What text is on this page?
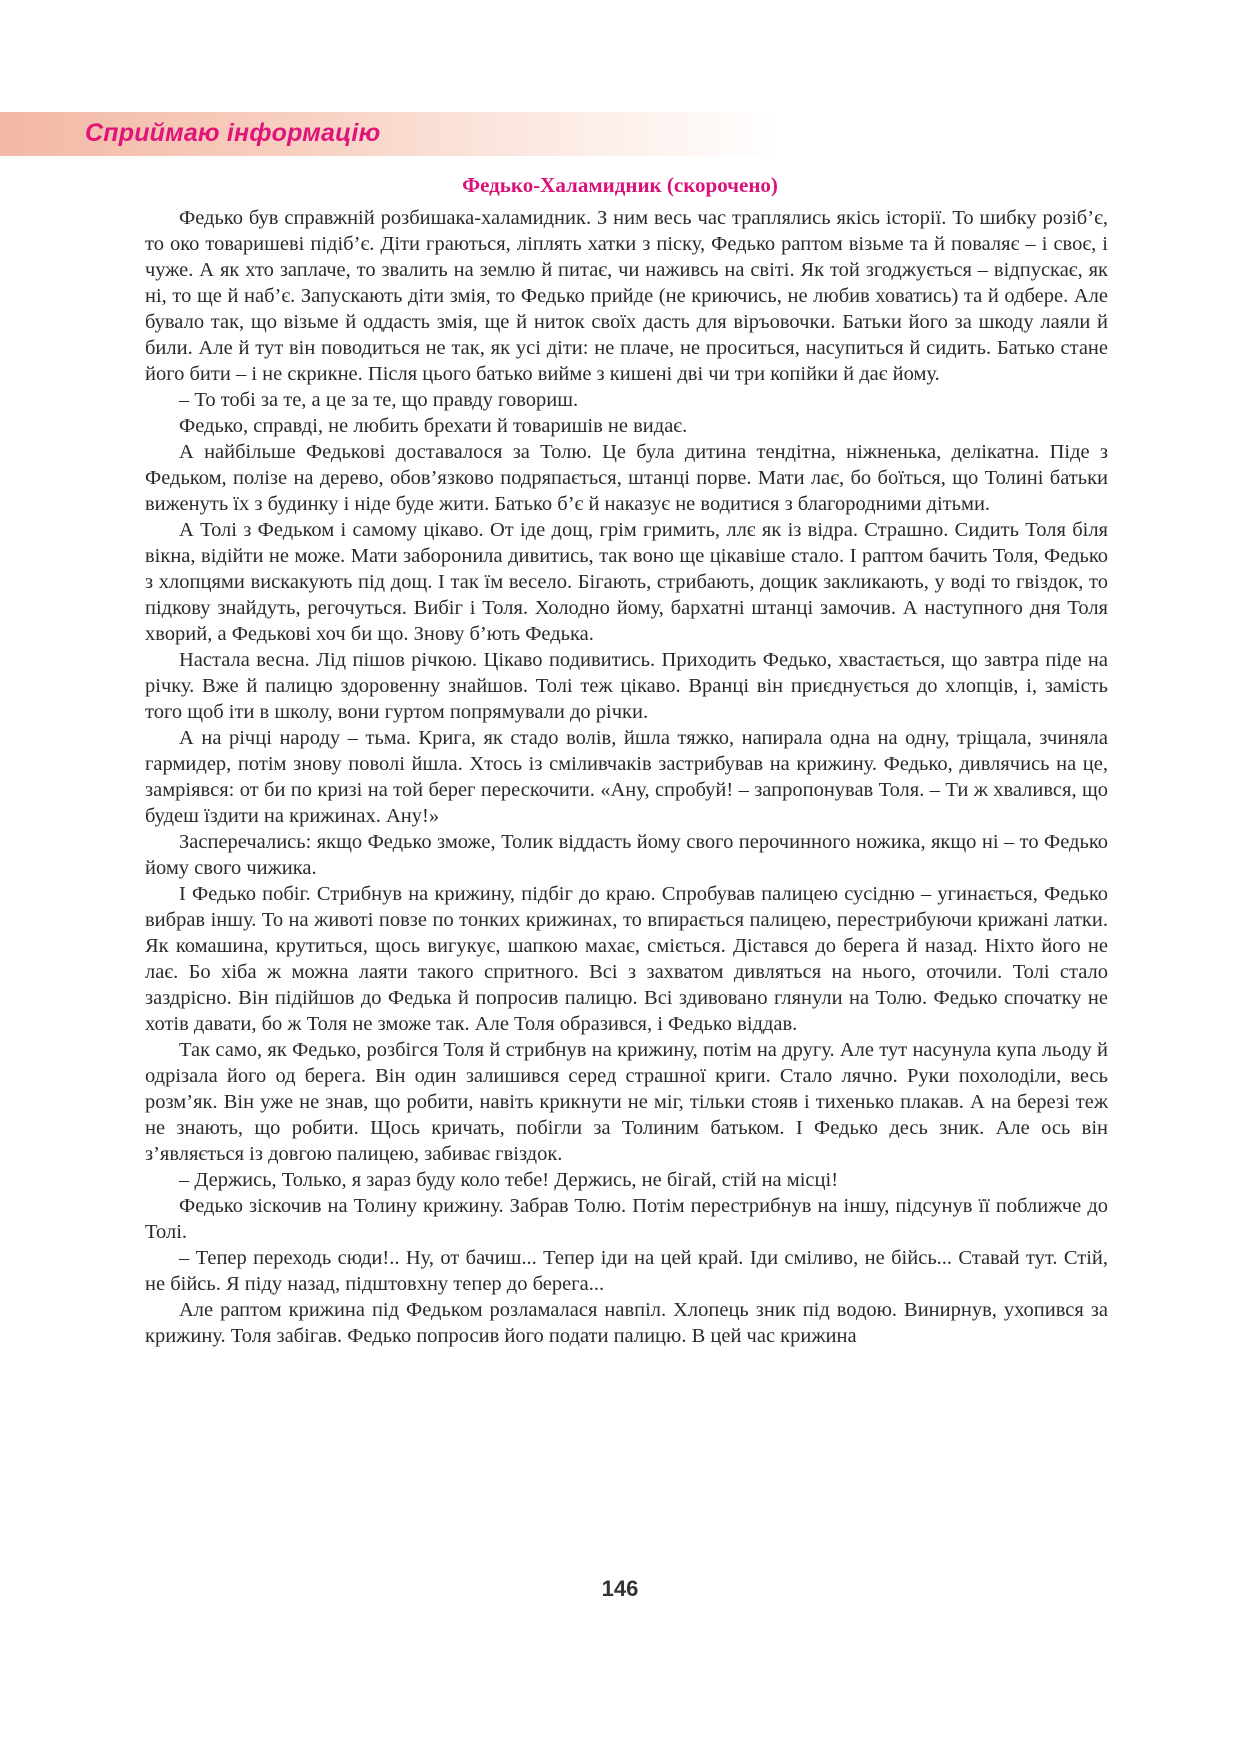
Сприймаю інформацію
Федько-Халамидник (скорочено)

Федько був справжній розбишака-халамидник. З ним весь час траплялись якісь історії. То шибку розіб’є, то око товаришеві підіб’є. Діти граються, ліплять хатки з піску, Федько раптом візьме та й поваляє – і своє, і чуже. А як хто заплаче, то звалить на землю й питає, чи наживсь на світі. Як той згоджується – відпускає, як ні, то ще й наб’є. Запускають діти змія, то Федько прийде (не криючись, не любив ховатись) та й одбере. Але бувало так, що візьме й оддасть змія, ще й ниток своїх дасть для віръовочки. Батьки його за шкоду лаяли й били. Але й тут він поводиться не так, як усі діти: не плаче, не проситься, насупиться й сидить. Батько стане його бити – і не скрикне. Після цього батько вийме з кишені дві чи три копійки й дає йому.

– То тобі за те, а це за те, що правду говориш.

Федько, справді, не любить брехати й товаришів не видає.

А найбільше Федькові доставалося за Толю. Це була дитина тендітна, ніжненька, делікатна. Піде з Федьком, полізе на дерево, обов’язково подряпається, штанці порве. Мати лає, бо боїться, що Толині батьки виженуть їх з будинку і ніде буде жити. Батько б’є й наказує не водитися з благородними дітьми.

А Толі з Федьком і самому цікаво. От іде дощ, грім гримить, ллє як із відра. Страшно. Сидить Толя біля вікна, відійти не може. Мати заборонила дивитись, так воно ще цікавіше стало. І раптом бачить Толя, Федько з хлопцями вискакують під дощ. І так їм весело. Бігають, стрибають, дощик закликають, у воді то гвіздок, то підкову знайдуть, регочуться. Вибіг і Толя. Холодно йому, бархатні штанці замочив. А наступного дня Толя хворий, а Федькові хоч би що. Знову б’ють Федька.

Настала весна. Лід пішов річкою. Цікаво подивитись. Приходить Федько, хвастається, що завтра піде на річку. Вже й палицю здоровенну знайшов. Толі теж цікаво. Вранці він приєднується до хлопців, і, замість того щоб іти в школу, вони гуртом попрямували до річки.

А на річці народу – тьма. Крига, як стадо волів, йшла тяжко, напирала одна на одну, тріщала, зчиняла гармидер, потім знову поволі йшла. Хтось із сміливчаків застрибував на крижину. Федько, дивлячись на це, замріявся: от би по кризі на той берег перескочити. «Ану, спробуй! – запропонував Толя. – Ти ж хвалився, що будеш їздити на крижинах. Ану!»

Засперечались: якщо Федько зможе, Толик віддасть йому свого перочинного ножика, якщо ні – то Федько йому свого чижика.

І Федько побіг. Стрибнув на крижину, підбіг до краю. Спробував палицею сусідню – угинається, Федько вибрав іншу. То на животі повзе по тонких крижинах, то впирається палицею, перестрибуючи крижані латки. Як комашина, крутиться, щось вигукує, шапкою махає, сміється. Дістався до берега й назад. Ніхто його не лає. Бо хіба ж можна лаяти такого спритного. Всі з захватом дивляться на нього, оточили. Толі стало заздрісно. Він підійшов до Федька й попросив палицю. Всі здивовано глянули на Толю. Федько спочатку не хотів давати, бо ж Толя не зможе так. Але Толя образився, і Федько віддав.

Так само, як Федько, розбігся Толя й стрибнув на крижину, потім на другу. Але тут насунула купа льоду й одрізала його од берега. Він один залишився серед страшної криги. Стало лячно. Руки похолоділи, весь розм’як. Він уже не знав, що робити, навіть крикнути не міг, тільки стояв і тихенько плакав. А на березі теж не знають, що робити. Щось кричать, побігли за Толиним батьком. І Федько десь зник. Але ось він з’являється із довгою палицею, забиває гвіздок.

– Держись, Только, я зараз буду коло тебе! Держись, не бігай, стій на місці!

Федько зіскочив на Толину крижину. Забрав Толю. Потім перестрибнув на іншу, підсунув її поближче до Толі.

– Тепер переходь сюди!.. Ну, от бачиш... Тепер іди на цей край. Іди сміливо, не бійсь... Ставай тут. Стій, не бійсь. Я піду назад, підштовхну тепер до берега...

Але раптом крижина під Федьком розламалася навпіл. Хлопець зник під водою. Винирнув, ухопився за крижину. Толя забігав. Федько попросив його подати палицю. В цей час крижина

146
